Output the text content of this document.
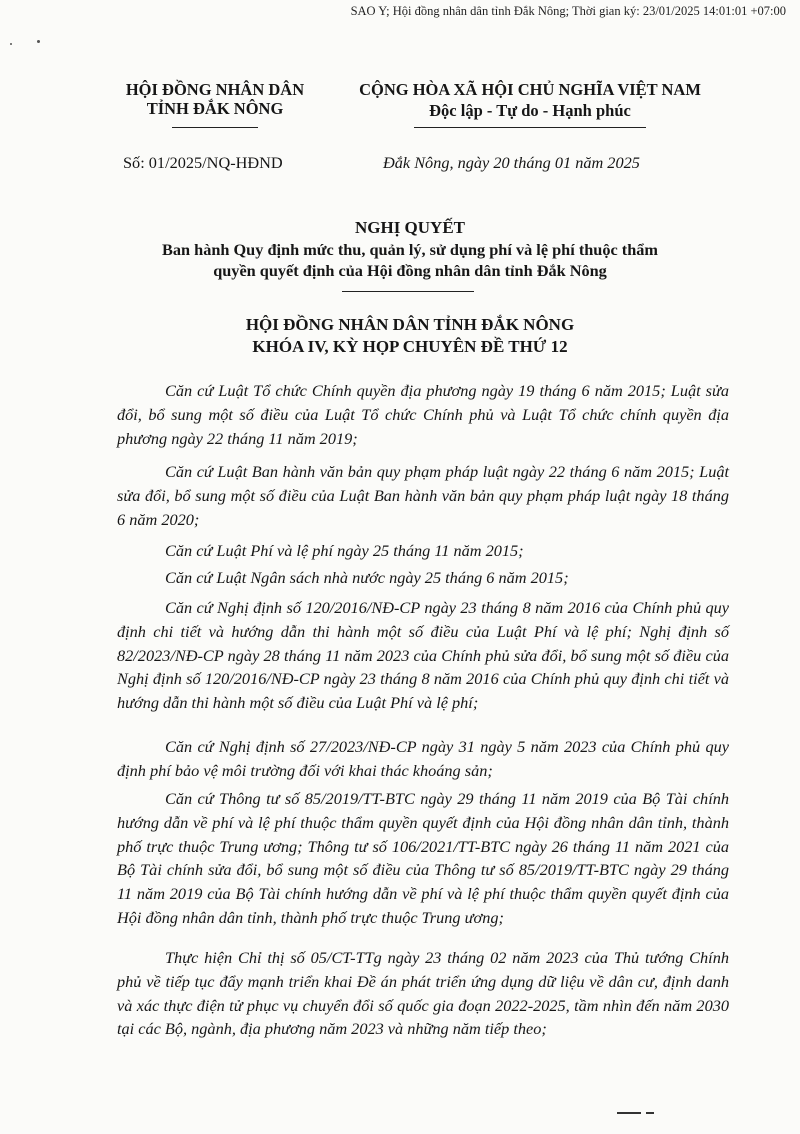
SAO Y; Hội đồng nhân dân tỉnh Đắk Nông; Thời gian ký: 23/01/2025 14:01:01 +07:00
HỘI ĐỒNG NHÂN DÂN
TỈNH ĐẮK NÔNG
CỘNG HÒA XÃ HỘI CHỦ NGHĨA VIỆT NAM
Độc lập - Tự do - Hạnh phúc
Số: 01/2025/NQ-HĐND	Đắk Nông, ngày 20 tháng 01 năm 2025
NGHỊ QUYẾT
Ban hành Quy định mức thu, quản lý, sử dụng phí và lệ phí thuộc thẩm
quyền quyết định của Hội đồng nhân dân tỉnh Đắk Nông
HỘI ĐỒNG NHÂN DÂN TỈNH ĐẮK NÔNG
KHÓA IV, KỲ HỌP CHUYÊN ĐỀ THỨ 12

Căn cứ Luật Tổ chức Chính quyền địa phương ngày 19 tháng 6 năm 2015; Luật sửa đổi, bổ sung một số điều của Luật Tổ chức Chính phủ và Luật Tổ chức chính quyền địa phương ngày 22 tháng 11 năm 2019;

Căn cứ Luật Ban hành văn bản quy phạm pháp luật ngày 22 tháng 6 năm 2015; Luật sửa đổi, bổ sung một số điều của Luật Ban hành văn bản quy phạm pháp luật ngày 18 tháng 6 năm 2020;

Căn cứ Luật Phí và lệ phí ngày 25 tháng 11 năm 2015;

Căn cứ Luật Ngân sách nhà nước ngày 25 tháng 6 năm 2015;

Căn cứ Nghị định số 120/2016/NĐ-CP ngày 23 tháng 8 năm 2016 của Chính phủ quy định chi tiết và hướng dẫn thi hành một số điều của Luật Phí và lệ phí; Nghị định số 82/2023/NĐ-CP ngày 28 tháng 11 năm 2023 của Chính phủ sửa đổi, bổ sung một số điều của Nghị định số 120/2016/NĐ-CP ngày 23 tháng 8 năm 2016 của Chính phủ quy định chi tiết và hướng dẫn thi hành một số điều của Luật Phí và lệ phí;

Căn cứ Nghị định số 27/2023/NĐ-CP ngày 31 ngày 5 năm 2023 của Chính phủ quy định phí bảo vệ môi trường đối với khai thác khoáng sản;

Căn cứ Thông tư số 85/2019/TT-BTC ngày 29 tháng 11 năm 2019 của Bộ Tài chính hướng dẫn về phí và lệ phí thuộc thẩm quyền quyết định của Hội đồng nhân dân tỉnh, thành phố trực thuộc Trung ương; Thông tư số 106/2021/TT-BTC ngày 26 tháng 11 năm 2021 của Bộ Tài chính sửa đổi, bổ sung một số điều của Thông tư số 85/2019/TT-BTC ngày 29 tháng 11 năm 2019 của Bộ Tài chính hướng dẫn về phí và lệ phí thuộc thẩm quyền quyết định của Hội đồng nhân dân tỉnh, thành phố trực thuộc Trung ương;

Thực hiện Chỉ thị số 05/CT-TTg ngày 23 tháng 02 năm 2023 của Thủ tướng Chính phủ về tiếp tục đẩy mạnh triển khai Đề án phát triển ứng dụng dữ liệu về dân cư, định danh và xác thực điện tử phục vụ chuyển đổi số quốc gia đoạn 2022-2025, tầm nhìn đến năm 2030 tại các Bộ, ngành, địa phương năm 2023 và những năm tiếp theo;
